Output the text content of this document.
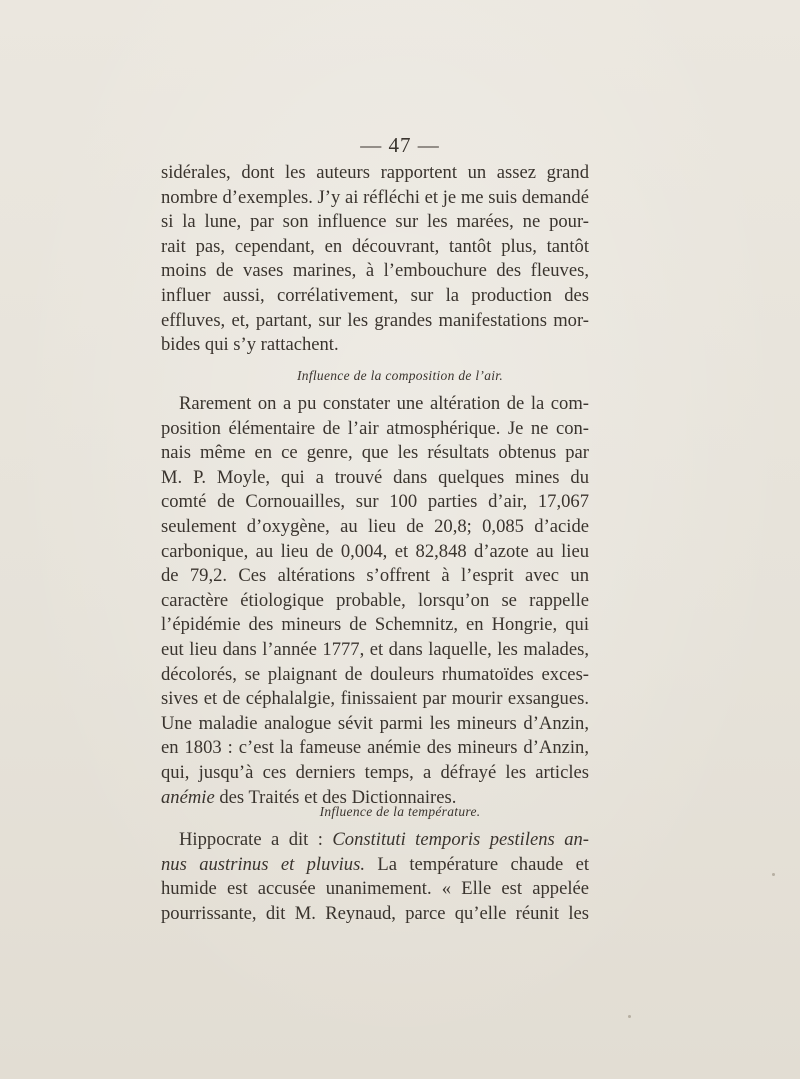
— 47 —
sidérales, dont les auteurs rapportent un assez grand
nombre d’exemples. J’y ai réfléchi et je me suis demandé
si la lune, par son influence sur les marées, ne pour-
rait pas, cependant, en découvrant, tantôt plus, tantôt
moins de vases marines, à l’embouchure des fleuves,
influer aussi, corrélativement, sur la production des
effluves, et, partant, sur les grandes manifestations mor-
bides qui s’y rattachent.
Influence de la composition de l’air.
Rarement on a pu constater une altération de la com-
position élémentaire de l’air atmosphérique. Je ne con-
nais même en ce genre, que les résultats obtenus par
M. P. Moyle, qui a trouvé dans quelques mines du
comté de Cornouailles, sur 100 parties d’air, 17,067
seulement d’oxygène, au lieu de 20,8; 0,085 d’acide
carbonique, au lieu de 0,004, et 82,848 d’azote au lieu
de 79,2. Ces altérations s’offrent à l’esprit avec un
caractère étiologique probable, lorsqu’on se rappelle
l’épidémie des mineurs de Schemnitz, en Hongrie, qui
eut lieu dans l’année 1777, et dans laquelle, les malades,
décolorés, se plaignant de douleurs rhumatoïdes exces-
sives et de céphalalgie, finissaient par mourir exsangues.
Une maladie analogue sévit parmi les mineurs d’Anzin,
en 1803 : c’est la fameuse anémie des mineurs d’Anzin,
qui, jusqu’à ces derniers temps, a défrayé les articles
anémie des Traités et des Dictionnaires.
Influence de la température.
Hippocrate a dit : Constituti temporis pestilens an-
nus austrinus et pluvius. La température chaude et
humide est accusée unanimement. « Elle est appelée
pourrissante, dit M. Reynaud, parce qu’elle réunit les
